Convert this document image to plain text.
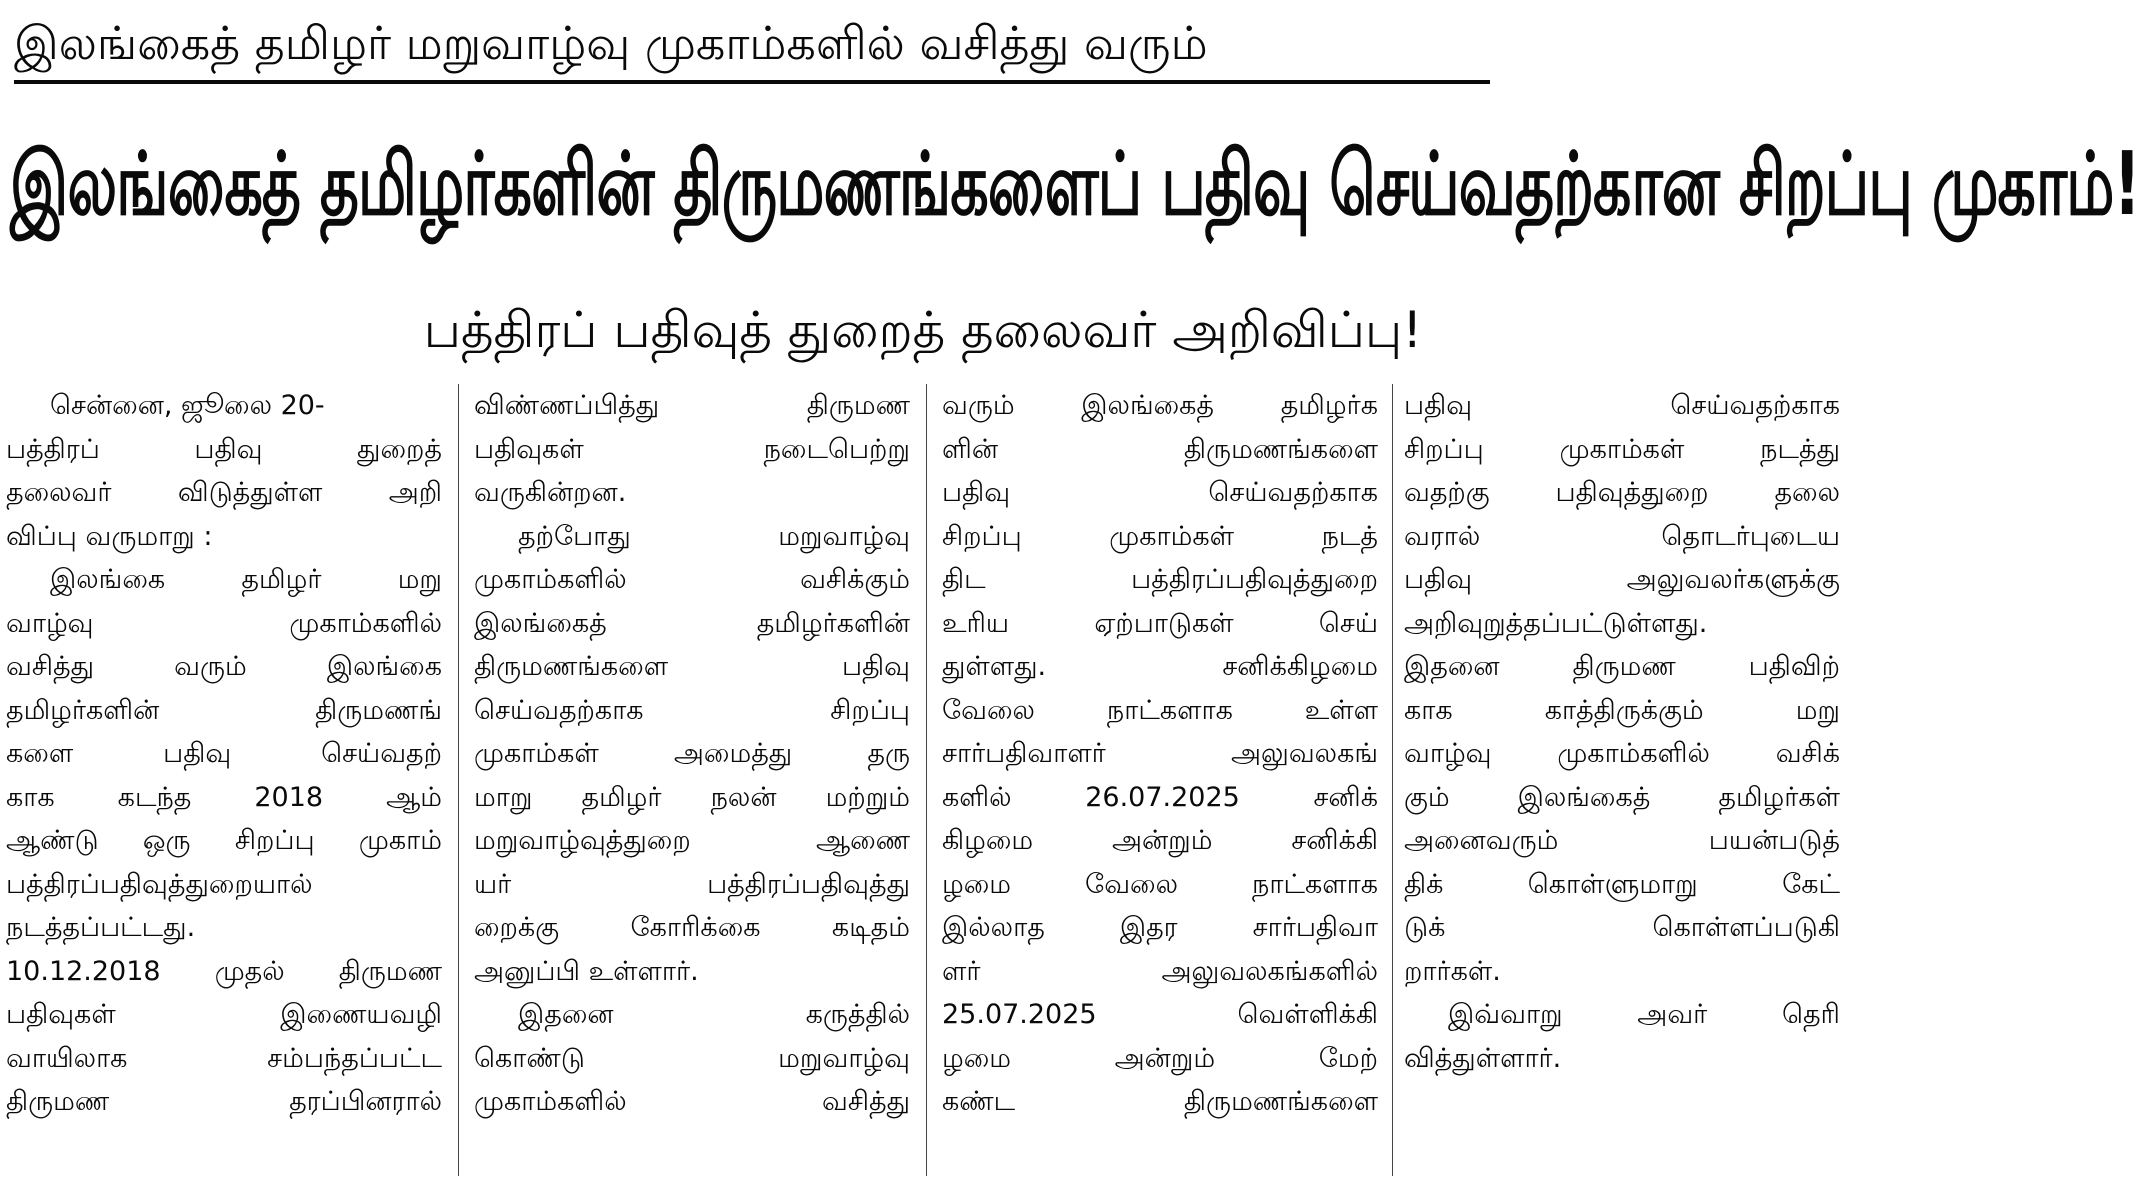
இலங்கைத் தமிழர் மறுவாழ்வு முகாம்களில் வசித்து வரும்
இலங்கைத் தமிழர்களின் திருமணங்களைப் பதிவு செய்வதற்கான சிறப்பு முகாம்!
பத்திரப் பதிவுத் துறைத் தலைவர் அறிவிப்பு!
சென்னை, ஜூலை 20-
பத்திரப் பதிவு துறைத்
தலைவர் விடுத்துள்ள அறி
விப்பு வருமாறு :
இலங்கை தமிழர் மறு
வாழ்வு முகாம்களில்
வசித்து வரும் இலங்கை
தமிழர்களின் திருமணங்
களை பதிவு செய்வதற்
காக கடந்த 2018 ஆம்
ஆண்டு ஒரு சிறப்பு முகாம்
பத்திரப்பதிவுத்துறையால்
நடத்தப்பட்டது.
10.12.2018 முதல் திருமண
பதிவுகள் இணையவழி
வாயிலாக சம்பந்தப்பட்ட
திருமண தரப்பினரால்
விண்ணப்பித்து திருமண
பதிவுகள் நடைபெற்று
வருகின்றன.
தற்போது மறுவாழ்வு
முகாம்களில் வசிக்கும்
இலங்கைத் தமிழர்களின்
திருமணங்களை பதிவு
செய்வதற்காக சிறப்பு
முகாம்கள் அமைத்து தரு
மாறு தமிழர் நலன் மற்றும்
மறுவாழ்வுத்துறை ஆணை
யர் பத்திரப்பதிவுத்து
றைக்கு கோரிக்கை கடிதம்
அனுப்பி உள்ளார்.
இதனை கருத்தில்
கொண்டு மறுவாழ்வு
முகாம்களில் வசித்து
வரும் இலங்கைத் தமிழர்க
ளின் திருமணங்களை
பதிவு செய்வதற்காக
சிறப்பு முகாம்கள் நடத்
திட பத்திரப்பதிவுத்துறை
உரிய ஏற்பாடுகள் செய்
துள்ளது. சனிக்கிழமை
வேலை நாட்களாக உள்ள
சார்பதிவாளர் அலுவலகங்
களில் 26.07.2025 சனிக்
கிழமை அன்றும் சனிக்கி
ழமை வேலை நாட்களாக
இல்லாத இதர சார்பதிவா
ளர் அலுவலகங்களில்
25.07.2025 வெள்ளிக்கி
ழமை அன்றும் மேற்
கண்ட திருமணங்களை
பதிவு செய்வதற்காக
சிறப்பு முகாம்கள் நடத்து
வதற்கு பதிவுத்துறை தலை
வரால் தொடர்புடைய
பதிவு அலுவலர்களுக்கு
அறிவுறுத்தப்பட்டுள்ளது.
இதனை திருமண பதிவிற்
காக காத்திருக்கும் மறு
வாழ்வு முகாம்களில் வசிக்
கும் இலங்கைத் தமிழர்கள்
அனைவரும் பயன்படுத்
திக் கொள்ளுமாறு கேட்
டுக் கொள்ளப்படுகி
றார்கள்.
இவ்வாறு அவர் தெரி
வித்துள்ளார்.
